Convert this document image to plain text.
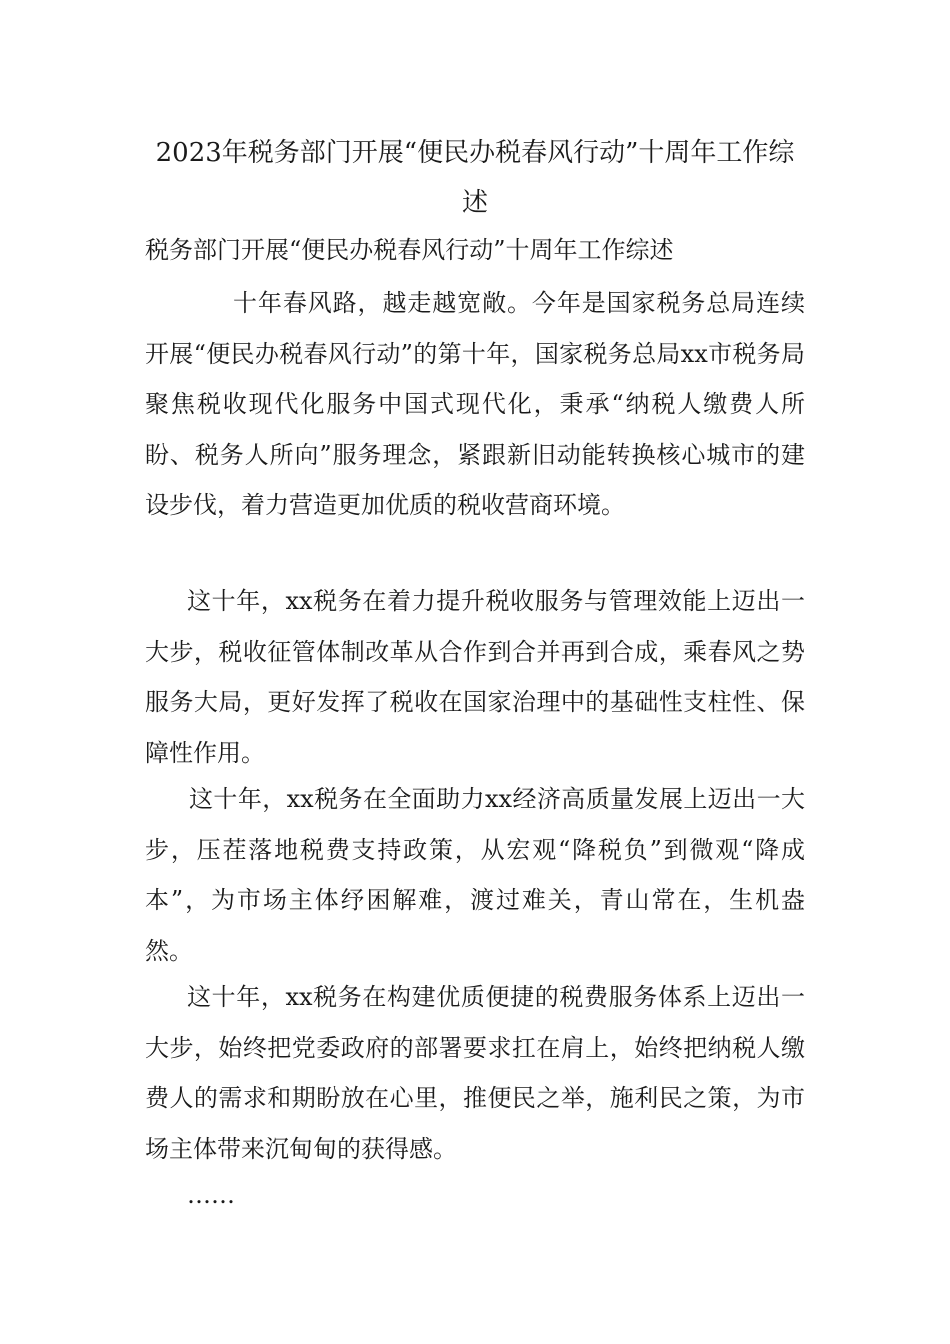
2023年税务部门开展“便民办税春风行动”十周年工作综述

税务部门开展“便民办税春风行动”十周年工作综述

十年春风路，越走越宽敞。今年是国家税务总局连续开展“便民办税春风行动”的第十年，国家税务总局xx市税务局聚焦税收现代化服务中国式现代化，秉承“纳税人缴费人所盼、税务人所向”服务理念，紧跟新旧动能转换核心城市的建设步伐，着力营造更加优质的税收营商环境。

这十年，xx税务在着力提升税收服务与管理效能上迈出一大步，税收征管体制改革从合作到合并再到合成，乘春风之势服务大局，更好发挥了税收在国家治理中的基础性支柱性、保障性作用。

这十年，xx税务在全面助力xx经济高质量发展上迈出一大步，压茬落地税费支持政策，从宏观“降税负”到微观“降成本”，为市场主体纾困解难，渡过难关，青山常在，生机盎然。

这十年，xx税务在构建优质便捷的税费服务体系上迈出一大步，始终把党委政府的部署要求扛在肩上，始终把纳税人缴费人的需求和期盼放在心里，推便民之举，施利民之策，为市场主体带来沉甸甸的获得感。

……
